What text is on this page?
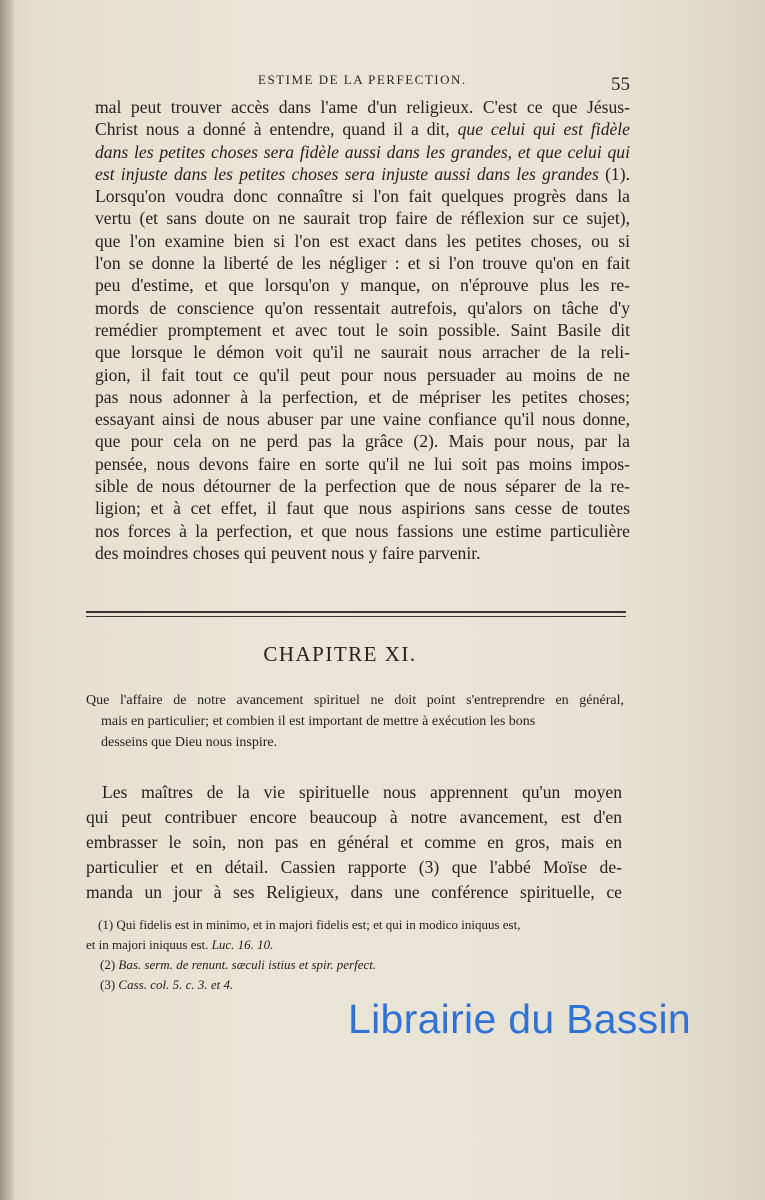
ESTIME DE LA PERFECTION.	55
mal peut trouver accès dans l'ame d'un religieux. C'est ce que Jésus-
Christ nous a donné à entendre, quand il a dit, que celui qui est fidèle
dans les petites choses sera fidèle aussi dans les grandes, et que celui qui
est injuste dans les petites choses sera injuste aussi dans les grandes (1).
Lorsqu'on voudra donc connaître si l'on fait quelques progrès dans la
vertu (et sans doute on ne saurait trop faire de réflexion sur ce sujet),
que l'on examine bien si l'on est exact dans les petites choses, ou si
l'on se donne la liberté de les négliger : et si l'on trouve qu'on en fait
peu d'estime, et que lorsqu'on y manque, on n'éprouve plus les re-
mords de conscience qu'on ressentait autrefois, qu'alors on tâche d'y
remédier promptement et avec tout le soin possible. Saint Basile dit
que lorsque le démon voit qu'il ne saurait nous arracher de la reli-
gion, il fait tout ce qu'il peut pour nous persuader au moins de ne
pas nous adonner à la perfection, et de mépriser les petites choses;
essayant ainsi de nous abuser par une vaine confiance qu'il nous donne,
que pour cela on ne perd pas la grâce (2). Mais pour nous, par la
pensée, nous devons faire en sorte qu'il ne lui soit pas moins impos-
sible de nous détourner de la perfection que de nous séparer de la re-
ligion; et à cet effet, il faut que nous aspirions sans cesse de toutes
nos forces à la perfection, et que nous fassions une estime particulière
des moindres choses qui peuvent nous y faire parvenir.
CHAPITRE XI.
Que l'affaire de notre avancement spirituel ne doit point s'entreprendre en général,
mais en particulier; et combien il est important de mettre à exécution les bons
desseins que Dieu nous inspire.
Les maîtres de la vie spirituelle nous apprennent qu'un moyen
qui peut contribuer encore beaucoup à notre avancement, est d'en
embrasser le soin, non pas en général et comme en gros, mais en
particulier et en détail. Cassien rapporte (3) que l'abbé Moïse de-
manda un jour à ses Religieux, dans une conférence spirituelle, ce
(1) Qui fidelis est in minimo, et in majori fidelis est; et qui in modico iniquus est,
et in majori iniquus est. Luc. 16. 10.
(2) Bas. serm. de renunt. sæculi istius et spir. perfect.
(3) Cass. col. 5. c. 3. et 4.
Librairie du Bassin
